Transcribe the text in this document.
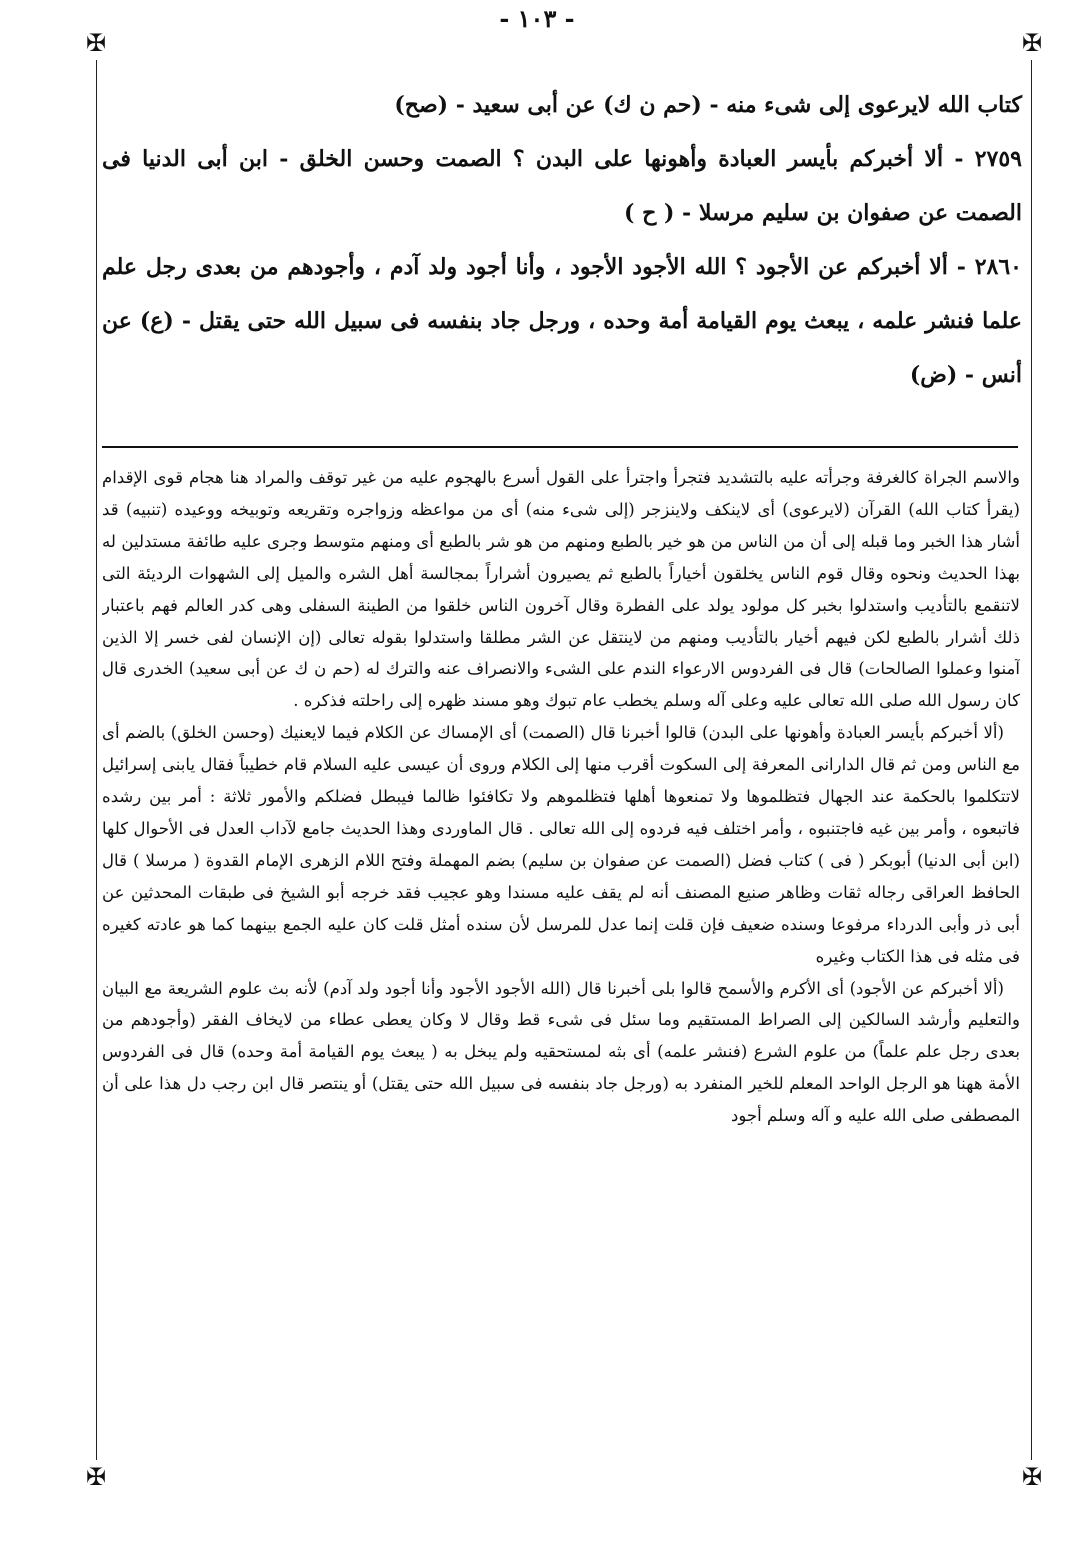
✠	✠
✠	✠
- ١٠٣ -

كتاب الله لايرعوى إلى شىء منه - (حم ن ك) عن أبى سعيد - (صح)

٢٧٥٩ - ألا أخبركم بأيسر العبادة وأهونها على البدن ؟ الصمت وحسن الخلق - ابن أبى الدنيا فى الصمت عن صفوان بن سليم مرسلا - ( ح )

٢٨٦٠ - ألا أخبركم عن الأجود ؟ الله الأجود الأجود ، وأنا أجود ولد آدم ، وأجودهم من بعدى رجل علم علما فنشر علمه ، يبعث يوم القيامة أمة وحده ، ورجل جاد بنفسه فى سبيل الله حتى يقتل - (ع) عن أنس - (ض)

والاسم الجراة كالغرفة وجرأته عليه بالتشديد فتجرأ واجترأ على القول أسرع بالهجوم عليه من غير توقف والمراد هنا هجام قوى الإقدام (يقرأ كتاب الله) القرآن (لايرعوى) أى لاينكف ولاينزجر (إلى شىء منه) أى من مواعظه وزواجره وتقريعه وتوبيخه ووعيده (تنبيه) قد أشار هذا الخبر وما قبله إلى أن من الناس من هو خير بالطبع ومنهم من هو شر بالطبع أى ومنهم متوسط وجرى عليه طائفة مستدلين له بهذا الحديث ونحوه وقال قوم الناس يخلقون أخياراً بالطبع ثم يصيرون أشراراً بمجالسة أهل الشره والميل إلى الشهوات الرديئة التى لاتنقمع بالتأديب واستدلوا بخبر كل مولود يولد على الفطرة وقال آخرون الناس خلقوا من الطينة السفلى وهى كدر العالم فهم باعتبار ذلك أشرار بالطبع لكن فيهم أخيار بالتأديب ومنهم من لاينتقل عن الشر مطلقا واستدلوا بقوله تعالى (إن الإنسان لفى خسر إلا الذين آمنوا وعملوا الصالحات) قال فى الفردوس الارعواء الندم على الشىء والانصراف عنه والترك له (حم ن ك عن أبى سعيد) الخدرى قال كان رسول الله صلى الله تعالى عليه وعلى آله وسلم يخطب عام تبوك وهو مسند ظهره إلى راحلته فذكره .

(ألا أخبركم بأيسر العبادة وأهونها على البدن) قالوا أخبرنا قال (الصمت) أى الإمساك عن الكلام فيما لايعنيك (وحسن الخلق) بالضم أى مع الناس ومن ثم قال الدارانى المعرفة إلى السكوت أقرب منها إلى الكلام وروى أن عيسى عليه السلام قام خطيباً فقال يابنى إسرائيل لاتتكلموا بالحكمة عند الجهال فتظلموها ولا تمنعوها أهلها فتظلموهم ولا تكافئوا ظالما فيبطل فضلكم والأمور ثلاثة : أمر بين رشده فاتبعوه ، وأمر بين غيه فاجتنبوه ، وأمر اختلف فيه فردوه إلى الله تعالى . قال الماوردى وهذا الحديث جامع لآداب العدل فى الأحوال كلها (ابن أبى الدنيا) أبوبكر ( فى ) كتاب فضل (الصمت عن صفوان بن سليم) بضم المهملة وفتح اللام الزهرى الإمام القدوة ( مرسلا ) قال الحافظ العراقى رجاله ثقات وظاهر صنيع المصنف أنه لم يقف عليه مسندا وهو عجيب فقد خرجه أبو الشيخ فى طبقات المحدثين عن أبى ذر وأبى الدرداء مرفوعا وسنده ضعيف فإن قلت إنما عدل للمرسل لأن سنده أمثل قلت كان عليه الجمع بينهما كما هو عادته كغيره فى مثله فى هذا الكتاب وغيره

(ألا أخبركم عن الأجود) أى الأكرم والأسمح قالوا بلى أخبرنا قال (الله الأجود الأجود وأنا أجود ولد آدم) لأنه بث علوم الشريعة مع البيان والتعليم وأرشد السالكين إلى الصراط المستقيم وما سئل فى شىء قط وقال لا وكان يعطى عطاء من لايخاف الفقر (وأجودهم من بعدى رجل علم علماً) من علوم الشرع (فنشر علمه) أى بثه لمستحقيه ولم يبخل به ( يبعث يوم القيامة أمة وحده) قال فى الفردوس الأمة ههنا هو الرجل الواحد المعلم للخير المنفرد به (ورجل جاد بنفسه فى سبيل الله حتى يقتل) أو ينتصر قال ابن رجب دل هذا على أن المصطفى صلى الله عليه و آله وسلم أجود
